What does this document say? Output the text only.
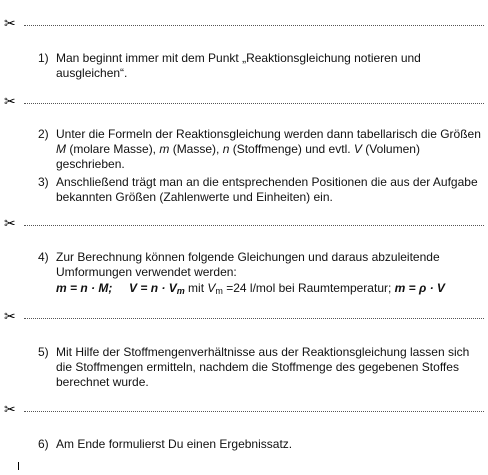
✂
✂
✂
✂
✂
1) Man beginnt immer mit dem Punkt „Reaktionsgleichung notieren und ausgleichen“.
2) Unter die Formeln der Reaktionsgleichung werden dann tabellarisch die Größen M (molare Masse), m (Masse), n (Stoffmenge) und evtl. V (Volumen) geschrieben.
3) Anschließend trägt man an die entsprechenden Positionen die aus der Aufgabe bekannten Größen (Zahlenwerte und Einheiten) ein.
4) Zur Berechnung können folgende Gleichungen und daraus abzuleitende Umformungen verwendet werden:
m = n · M; $V = n \cdot V_m$ mit $V_m =24$ l/mol bei Raumtemperatur; m = ρ · V
5) Mit Hilfe der Stoffmengenverhältnisse aus der Reaktionsgleichung lassen sich die Stoffmengen ermitteln, nachdem die Stoffmenge des gegebenen Stoffes berechnet wurde.
6) Am Ende formulierst Du einen Ergebnissatz.
